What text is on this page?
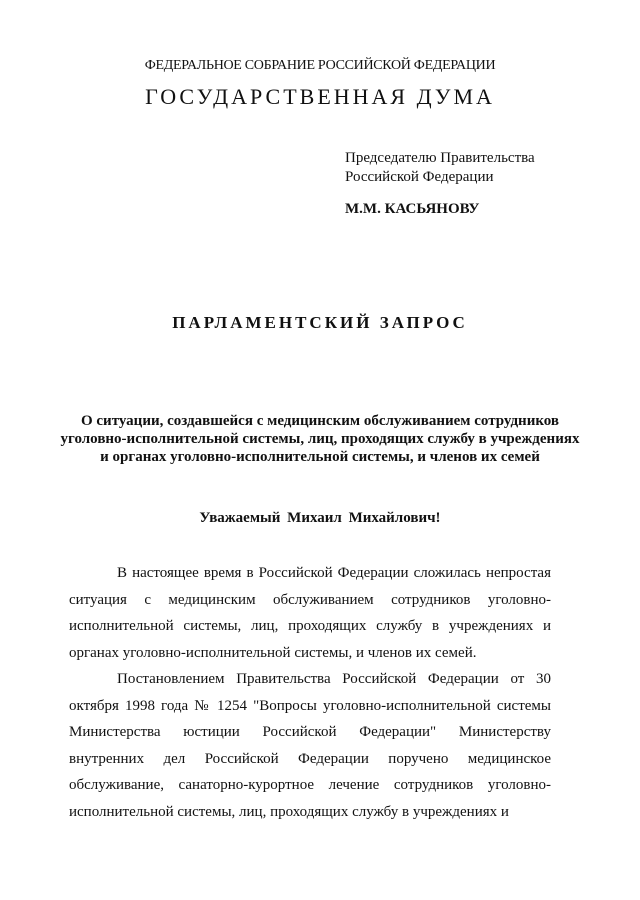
ФЕДЕРАЛЬНОЕ СОБРАНИЕ РОССИЙСКОЙ ФЕДЕРАЦИИ
ГОСУДАРСТВЕННАЯ ДУМА
Председателю Правительства
Российской Федерации
М.М. КАСЬЯНОВУ
ПАРЛАМЕНТСКИЙ ЗАПРОС
О ситуации, создавшейся с медицинским обслуживанием сотрудников уголовно-исполнительной системы, лиц, проходящих службу в учреждениях и органах уголовно-исполнительной системы, и членов их семей
Уважаемый Михаил Михайлович!

В настоящее время в Российской Федерации сложилась непростая ситуация с медицинским обслуживанием сотрудников уголовно-исполнительной системы, лиц, проходящих службу в учреждениях и органах уголовно-исполнительной системы, и членов их семей.

Постановлением Правительства Российской Федерации от 30 октября 1998 года № 1254 "Вопросы уголовно-исполнительной системы Министерства юстиции Российской Федерации" Министерству внутренних дел Российской Федерации поручено медицинское обслуживание, санаторно-курортное лечение сотрудников уголовно-исполнительной системы, лиц, проходящих службу в учреждениях и
